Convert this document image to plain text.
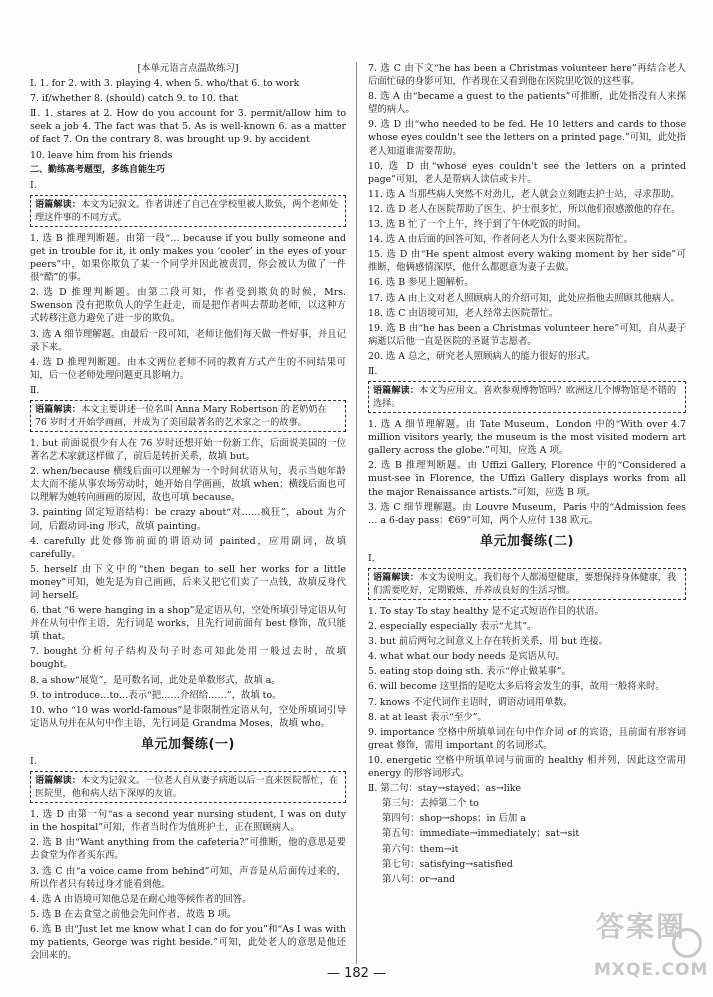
[本单元语言点温故练习]

Ⅰ. 1. for 2. with 3. playing 4. when 5. who/that 6. to work

7. if/whether 8. (should) catch 9. to 10. that

Ⅱ. 1. stares at 2. How do you account for 3. permit/allow him to seek a job 4. The fact was that 5. As is well-known 6. as a matter of fact 7. On the contrary 8. was brought up 9. by accident

10. leave him from his friends

二、勤练高考题型，多练自能生巧

Ⅰ.

语篇解读：本文为记叙文。作者讲述了自己在学校里被人欺负，两个老师处理这件事的不同方式。

1. 选 B 推理判断题。由第一段“… because if you bully someone and get in trouble for it, it only makes you ‘cooler’ in the eyes of your peers”中，如果你欺负了某一个同学并因此被责罚，你会被认为做了一件很“酷”的事。

2. 选 D 推理判断题。由第二段可知，作者受到欺负的时候，Mrs. Swenson 没有把欺负人的学生赶走，而是把作者叫去帮助老师，以这种方式转移注意力避免了进一步的欺负。

3. 选 A 细节理解题。由最后一段可知，老师让他们每天做一件好事，并且记录下来。

4. 选 D 推理判断题。由本文两位老师不同的教育方式产生的不同结果可知，后一位老师处理问题更具影响力。

Ⅱ.

语篇解读：本文主要讲述一位名叫 Anna Mary Robertson 的老奶奶在 76 岁时才开始学画画，并成为了美国最著名的艺术家之一的故事。

1. but 前面说很少有人在 76 岁时还想开始一份新工作，后面说美国的一位著名艺术家就这样做了，前后是转折关系，故填 but。

2. when/because 横线后面可以理解为一个时间状语从句，表示当她年龄太大而不能从事农场劳动时，她开始自学画画，故填 when；横线后面也可以理解为她转向画画的原因，故也可填 because。

3. painting 固定短语结构：be crazy about“对……疯狂”，about 为介词，后跟动词-ing 形式，故填 painting。

4. carefully 此处修饰前面的谓语动词 painted，应用副词，故填 carefully。

5. herself 由下文中的“then began to sell her works for a little money”可知，她先是为自己画画，后来又把它们卖了一点钱，故填反身代词 herself。

6. that “6 were hanging in a shop”是定语从句，空处所填引导定语从句并在从句中作主语，先行词是 works，且先行词前面有 best 修饰，故只能填 that。

7. bought 分析句子结构及句子时态可知此处用一般过去时，故填 bought。

8. a show“展览”，是可数名词，此处是单数形式，故填 a。

9. to introduce…to…表示“把……介绍给……”，故填 to。

10. who “10 was world-famous”是非限制性定语从句，空处所填词引导定语从句并在从句中作主语，先行词是 Grandma Moses，故填 who。

单元加餐练(一)

Ⅰ.

语篇解读：本文为记叙文。一位老人自从妻子病逝以后一直来医院帮忙，在医院里，他和病人结下深厚的友谊。

1. 选 D 由第一句“as a second year nursing student, I was on duty in the hospital”可知，作者当时作为值班护士，正在照顾病人。

2. 选 B 由“Want anything from the cafeteria?”可推断，他的意思是要去食堂为作者买东西。

3. 选 C 由“a voice came from behind”可知，声音是从后面传过来的，所以作者只有转过身才能看到他。

4. 选 A 由语境可知他总是在耐心地等候作者的回答。

5. 选 B 在去食堂之前他会先问作者，故选 B 项。

6. 选 B 由“Just let me know what I can do for you”和“As I was with my patients, George was right beside.”可知，此处老人的意思是他还会回来的。

7. 选 C 由下文“he has been a Christmas volunteer here”再结合老人后面忙碌的身影可知，作者现在又看到他在医院里吃饭的这些事。

8. 选 A 由“became a guest to the patients”可推断，此处指没有人来探望的病人。

9. 选 D 由“who needed to be fed. He 10 letters and cards to those whose eyes couldn't see the letters on a printed page.”可知，此处指老人知道谁需要帮助。

10. 选 D 由“whose eyes couldn't see the letters on a printed page”可知，老人是帮病人读信或卡片。

11. 选 A 当那些病人突然不对劲儿，老人就会立刻跑去护士站，寻求帮助。

12. 选 D 老人在医院帮助了医生、护士很多忙，所以他们很感激他的存在。

13. 选 B 忙了一个上午，终于到了午休吃饭的时间。

14. 选 A 由后面的回答可知，作者问老人为什么要来医院帮忙。

15. 选 D 由“He spent almost every waking moment by her side”可推断，他俩感情深厚，他什么都愿意为妻子去做。

16. 选 B 参见上题解析。

17. 选 A 由上文对老人照顾病人的介绍可知，此处应指他去照顾其他病人。

18. 选 C 由语境可知，老人经常去医院帮忙。

19. 选 B 由“he has been a Christmas volunteer here”可知，自从妻子病逝以后他一直是医院的圣诞节志愿者。

20. 选 A 总之，研究老人照顾病人的能力很好的形式。

Ⅱ.

语篇解读：本文为应用文。喜欢参观博物馆吗？欧洲这几个博物馆是不错的选择。

1. 选 A 细节理解题。由 Tate Museum，London 中的“With over 4.7 million visitors yearly, the museum is the most visited modern art gallery across the globe.”可知，应选 A 项。

2. 选 B 推理判断题。由 Uffizi Gallery, Florence 中的“Considered a must-see in Florence, the Uffizi Gallery displays works from all the major Renaissance artists.”可知，应选 B 项。

3. 选 C 细节理解题。由 Louvre Museum，Paris 中的“Admission fees … a 6-day pass：€69”可知，两个人应付 138 欧元。

单元加餐练(二)

Ⅰ.

语篇解读：本文为说明文。我们每个人都渴望健康，要想保持身体健康，我们需要吃好，定期锻炼，并养成良好的生活习惯。

1. To stay To stay healthy 是不定式短语作目的状语。

2. especially especially 表示“尤其”。

3. but 前后两句之间意义上存在转折关系，用 but 连接。

4. what what our body needs 是宾语从句。

5. eating stop doing sth. 表示“停止做某事”。

6. will become 这里指的是吃太多后将会发生的事，故用一般将来时。

7. knows 不定代词作主语时，谓语动词用单数。

8. at at least 表示“至少”。

9. importance 空格中所填单词在句中作介词 of 的宾语，且前面有形容词 great 修饰，需用 important 的名词形式。

10. energetic 空格中所填单词与前面的 healthy 相并列，因此这空需用 energy 的形容词形式。

Ⅱ. 第二句：stay→stayed；as→like

第三句：去掉第二个 to

第四句：shop→shops；in 后加 a

第五句：immediate→immediately；sat→sit

第六句：them→it

第七句：satisfying→satisfied

第八句：or→and

— 182 —
答案圈
MXQE.COM
